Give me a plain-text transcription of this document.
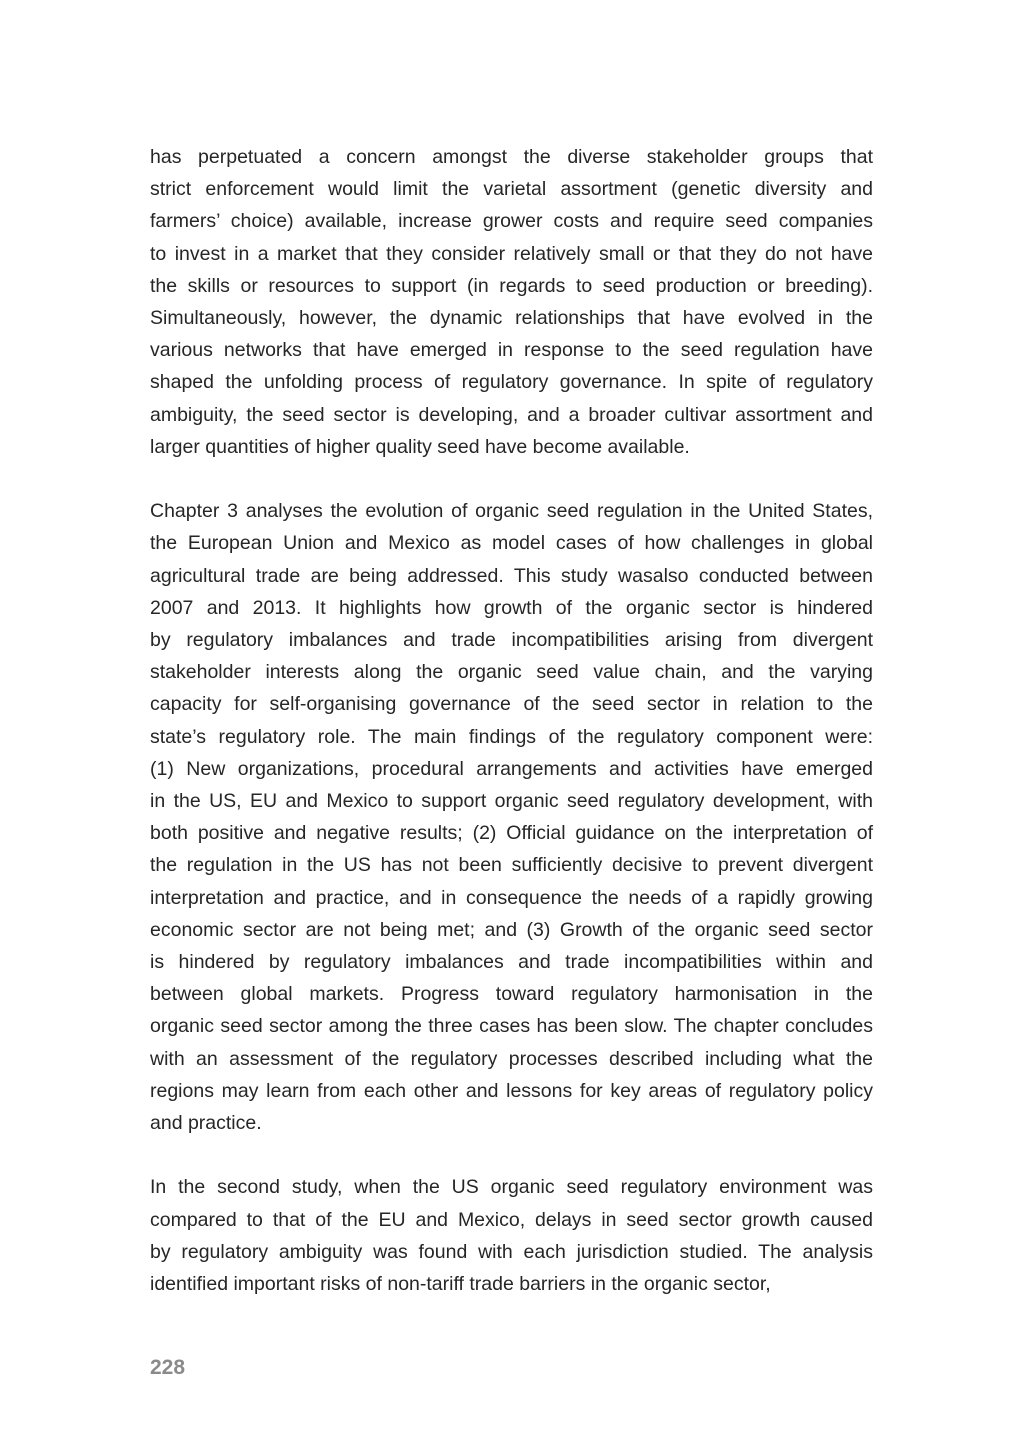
has perpetuated a concern amongst the diverse stakeholder groups that
strict enforcement would limit the varietal assortment (genetic diversity and
farmers’ choice) available, increase grower costs and require seed companies
to invest in a market that they consider relatively small or that they do not have
the skills or resources to support (in regards to seed production or breeding).
Simultaneously, however, the dynamic relationships that have evolved in the
various networks that have emerged in response to the seed regulation have
shaped the unfolding process of regulatory governance. In spite of regulatory
ambiguity, the seed sector is developing, and a broader cultivar assortment and
larger quantities of higher quality seed have become available.
Chapter 3 analyses the evolution of organic seed regulation in the United States,
the European Union and Mexico as model cases of how challenges in global
agricultural trade are being addressed. This study wasalso conducted between
2007 and 2013. It highlights how growth of the organic sector is hindered
by regulatory imbalances and trade incompatibilities arising from divergent
stakeholder interests along the organic seed value chain, and the varying
capacity for self-organising governance of the seed sector in relation to the
state’s regulatory role. The main findings of the regulatory component were:
(1) New organizations, procedural arrangements and activities have emerged
in the US, EU and Mexico to support organic seed regulatory development, with
both positive and negative results; (2) Official guidance on the interpretation of
the regulation in the US has not been sufficiently decisive to prevent divergent
interpretation and practice, and in consequence the needs of a rapidly growing
economic sector are not being met; and (3) Growth of the organic seed sector
is hindered by regulatory imbalances and trade incompatibilities within and
between global markets. Progress toward regulatory harmonisation in the
organic seed sector among the three cases has been slow. The chapter concludes
with an assessment of the regulatory processes described including what the
regions may learn from each other and lessons for key areas of regulatory policy
and practice.
In the second study, when the US organic seed regulatory environment was
compared to that of the EU and Mexico, delays in seed sector growth caused
by regulatory ambiguity was found with each jurisdiction studied. The analysis
identified important risks of non-tariff trade barriers in the organic sector,
228
